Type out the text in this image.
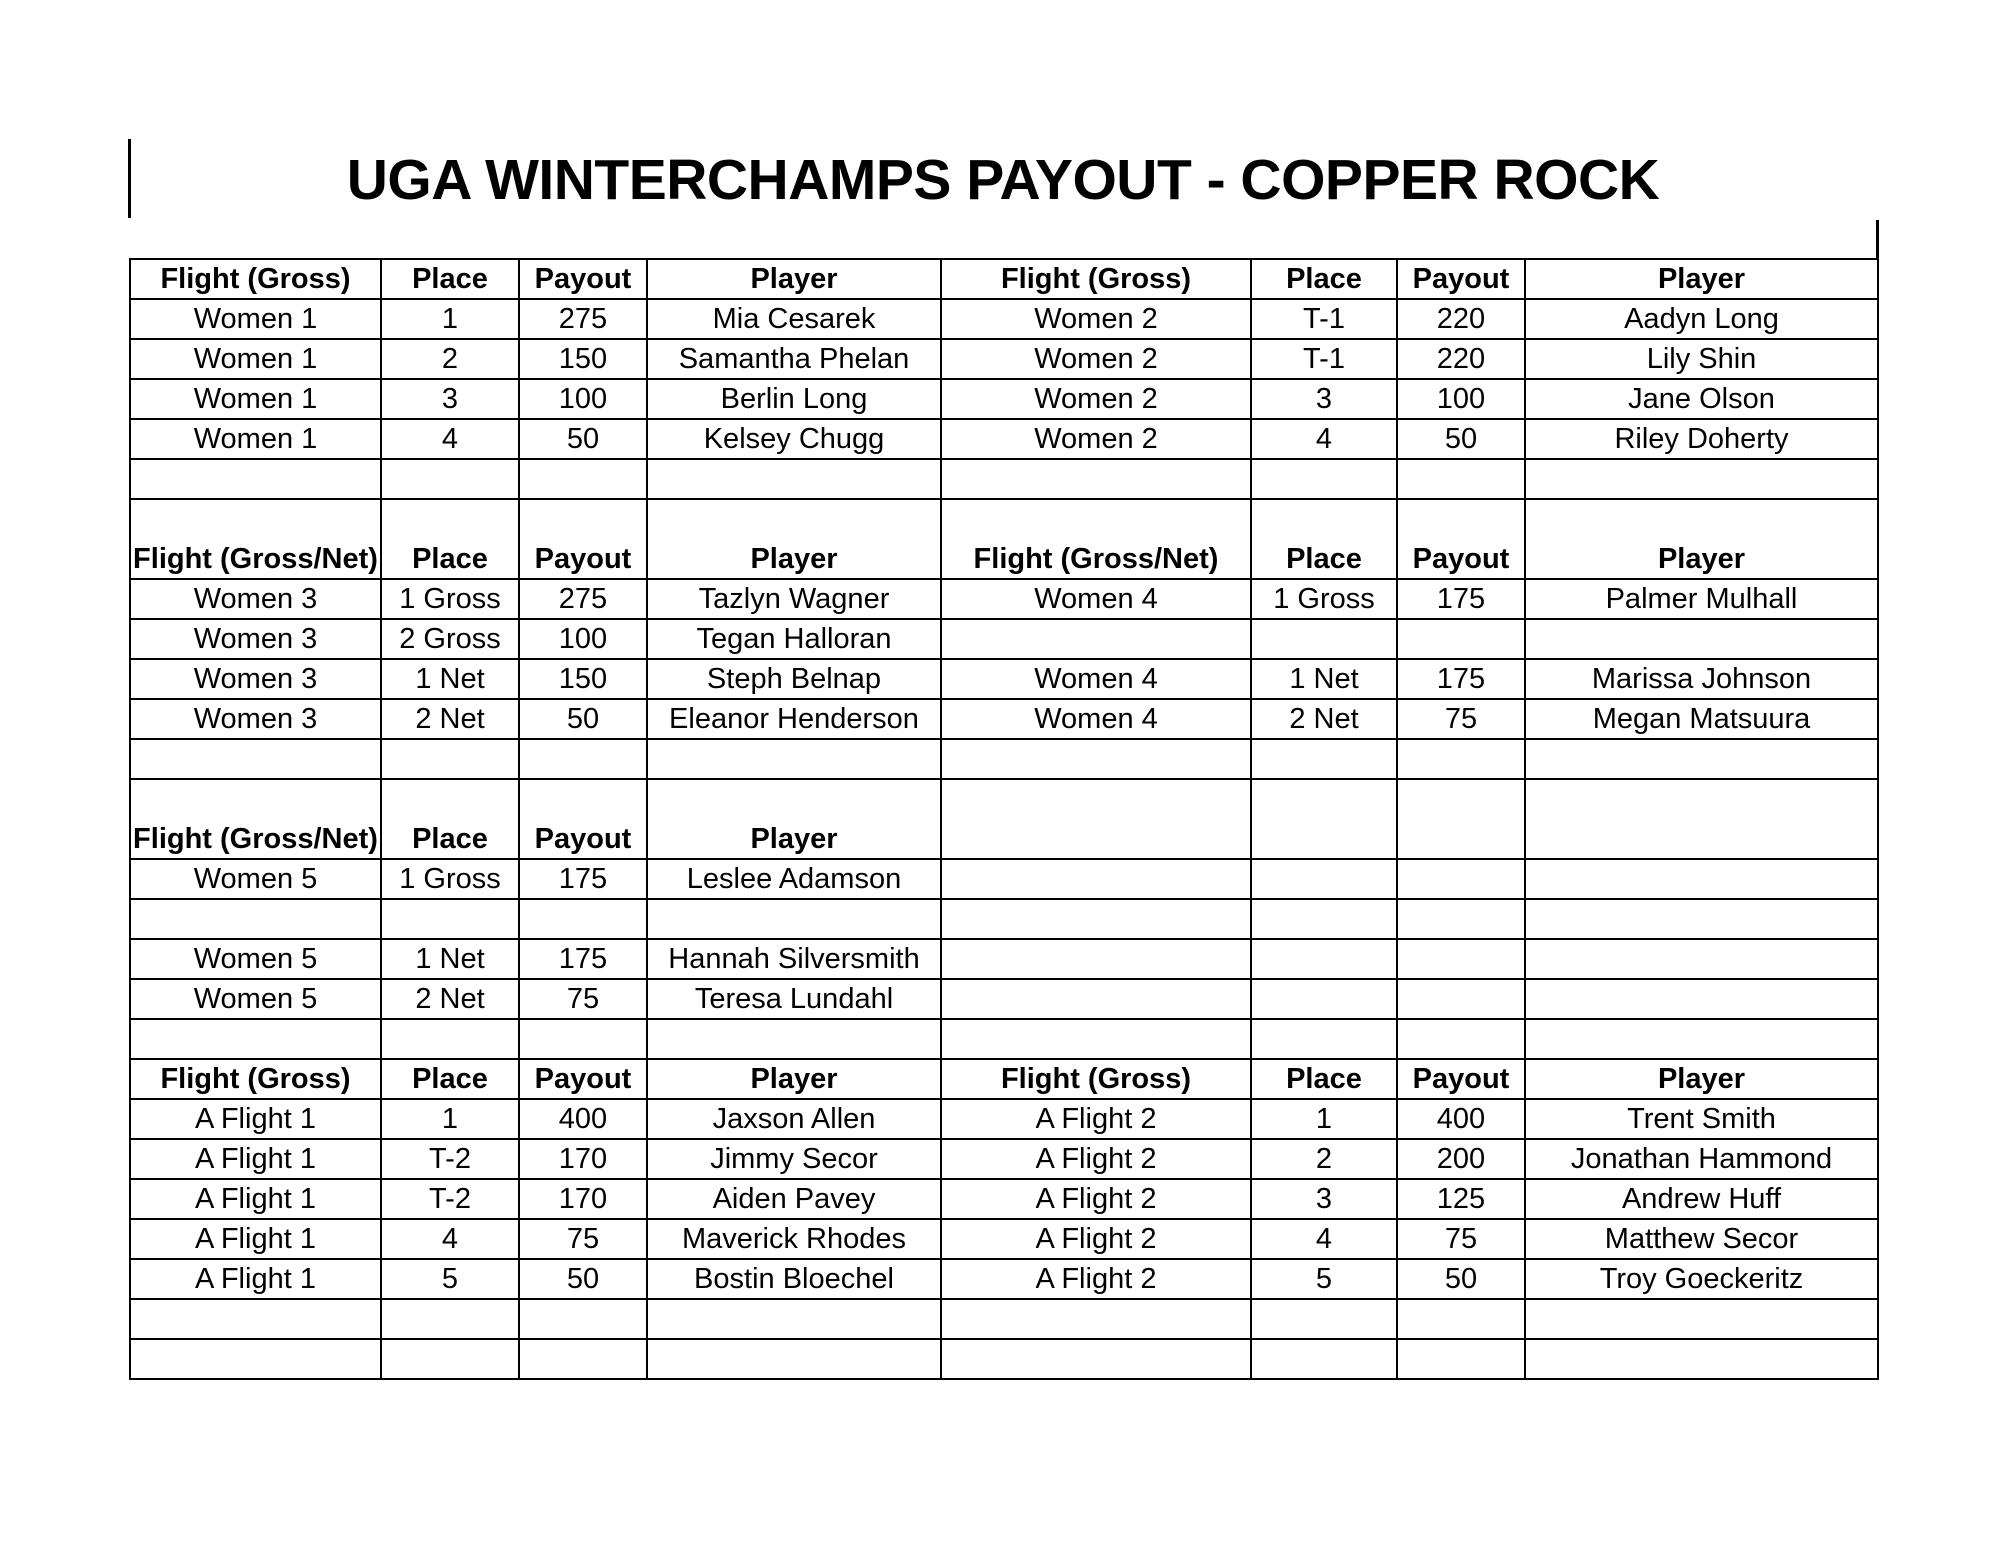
UGA WINTERCHAMPS PAYOUT - COPPER ROCK
Flight (Gross)	Place	Payout	Player	Flight (Gross)	Place	Payout	Player
Women 1	1	275	Mia Cesarek	Women 2	T-1	220	Aadyn Long
Women 1	2	150	Samantha Phelan	Women 2	T-1	220	Lily Shin
Women 1	3	100	Berlin Long	Women 2	3	100	Jane Olson
Women 1	4	50	Kelsey Chugg	Women 2	4	50	Riley Doherty

Flight (Gross/Net)	Place	Payout	Player	Flight (Gross/Net)	Place	Payout	Player
Women 3	1 Gross	275	Tazlyn Wagner	Women 4	1 Gross	175	Palmer Mulhall
Women 3	2 Gross	100	Tegan Halloran				
Women 3	1 Net	150	Steph Belnap	Women 4	1 Net	175	Marissa Johnson
Women 3	2 Net	50	Eleanor Henderson	Women 4	2 Net	75	Megan Matsuura

Flight (Gross/Net)	Place	Payout	Player				
Women 5	1 Gross	175	Leslee Adamson				

Women 5	1 Net	175	Hannah Silversmith				
Women 5	2 Net	75	Teresa Lundahl				

Flight (Gross)	Place	Payout	Player	Flight (Gross)	Place	Payout	Player
A Flight 1	1	400	Jaxson Allen	A Flight 2	1	400	Trent Smith
A Flight 1	T-2	170	Jimmy Secor	A Flight 2	2	200	Jonathan Hammond
A Flight 1	T-2	170	Aiden Pavey	A Flight 2	3	125	Andrew Huff
A Flight 1	4	75	Maverick Rhodes	A Flight 2	4	75	Matthew Secor
A Flight 1	5	50	Bostin Bloechel	A Flight 2	5	50	Troy Goeckeritz
